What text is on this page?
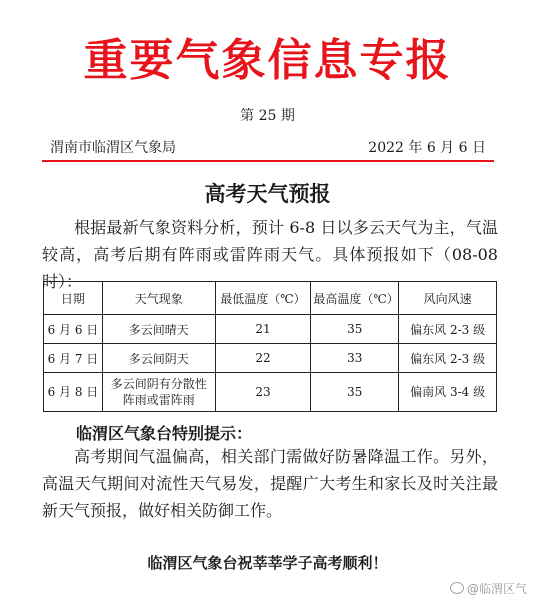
重要气象信息专报
第 25 期
渭南市临渭区气象局	2022 年 6 月 6 日
高考天气预报
根据最新气象资料分析，预计 6-8 日以多云天气为主，气温较高，高考后期有阵雨或雷阵雨天气。具体预报如下（08-08 时）：
日期	天气现象	最低温度（℃）	最高温度（℃）	风向风速
6 月 6 日	多云间晴天	21	35	偏东风 2-3 级
6 月 7 日	多云间阴天	22	33	偏东风 2-3 级
6 月 8 日	多云间阴有分散性阵雨或雷阵雨	23	35	偏南风 3-4 级
临渭区气象台特别提示：
高考期间气温偏高，相关部门需做好防暑降温工作。另外，高温天气期间对流性天气易发，提醒广大考生和家长及时关注最新天气预报，做好相关防御工作。
临渭区气象台祝莘莘学子高考顺利！
@临渭区气
